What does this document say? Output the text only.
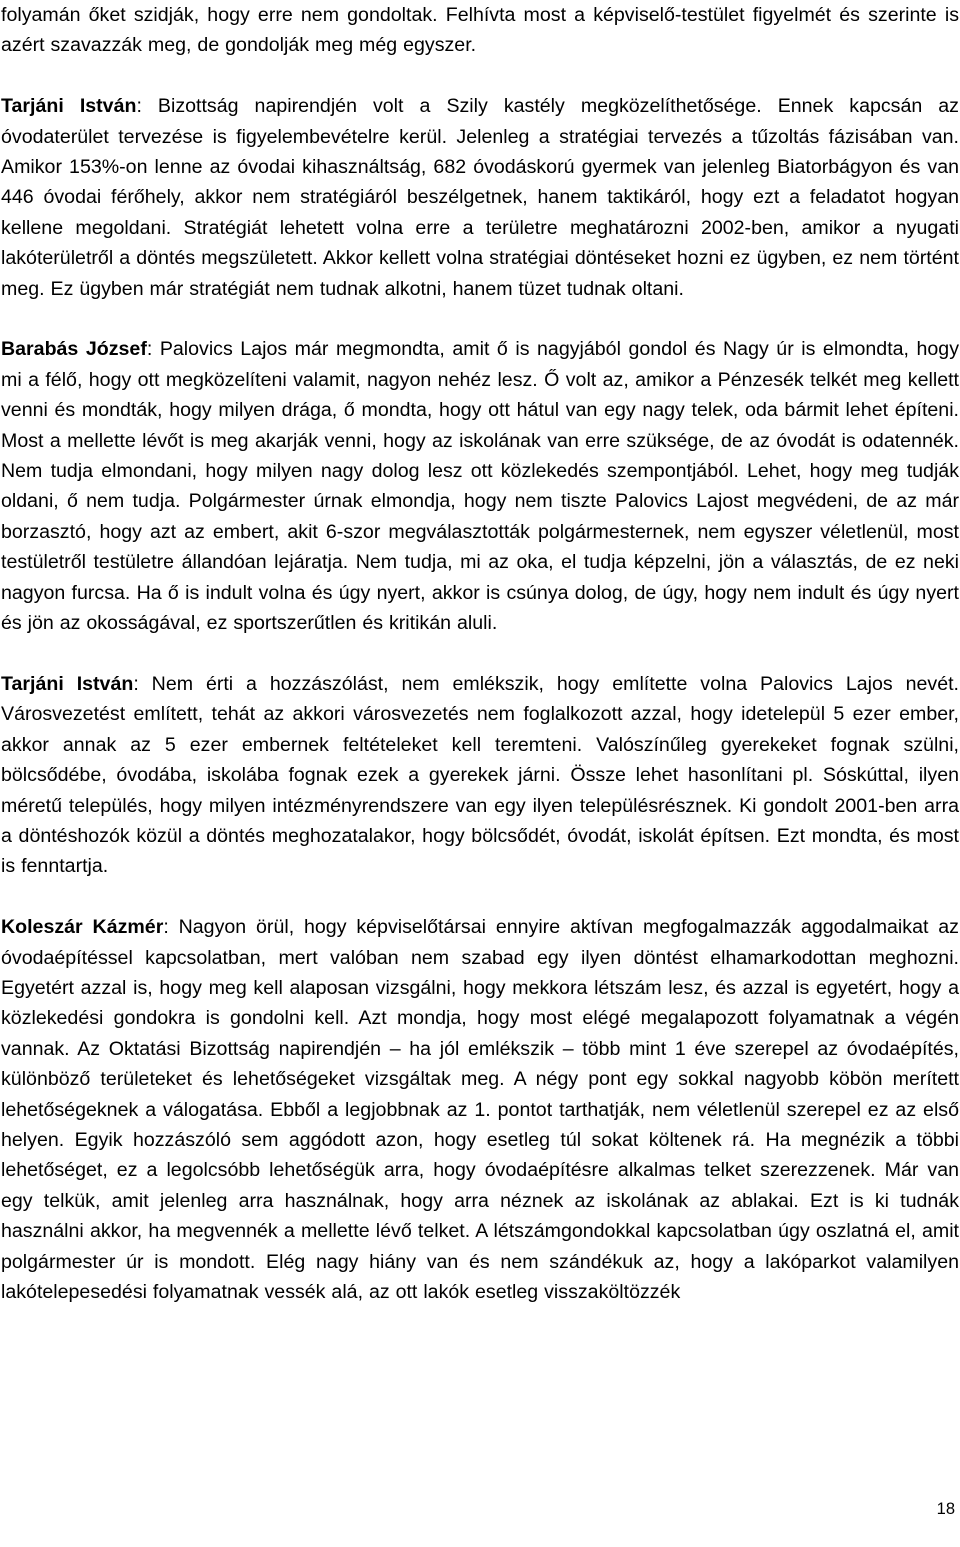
folyamán őket szidják, hogy erre nem gondoltak. Felhívta most a képviselő-testület figyelmét és szerinte is azért szavazzák meg, de gondolják meg még egyszer.

Tarjáni István: Bizottság napirendjén volt a Szily kastély megközelíthetősége. Ennek kapcsán az óvodaterület tervezése is figyelembevételre kerül. Jelenleg a stratégiai tervezés a tűzoltás fázisában van. Amikor 153%-on lenne az óvodai kihasználtság, 682 óvodáskorú gyermek van jelenleg Biatorbágyon és van 446 óvodai férőhely, akkor nem stratégiáról beszélgetnek, hanem taktikáról, hogy ezt a feladatot hogyan kellene megoldani. Stratégiát lehetett volna erre a területre meghatározni 2002-ben, amikor a nyugati lakóterületről a döntés megszületett. Akkor kellett volna stratégiai döntéseket hozni ez ügyben, ez nem történt meg. Ez ügyben már stratégiát nem tudnak alkotni, hanem tüzet tudnak oltani.

Barabás József: Palovics Lajos már megmondta, amit ő is nagyjából gondol és Nagy úr is elmondta, hogy mi a félő, hogy ott megközelíteni valamit, nagyon nehéz lesz. Ő volt az, amikor a Pénzesék telkét meg kellett venni és mondták, hogy milyen drága, ő mondta, hogy ott hátul van egy nagy telek, oda bármit lehet építeni. Most a mellette lévőt is meg akarják venni, hogy az iskolának van erre szüksége, de az óvodát is odatennék. Nem tudja elmondani, hogy milyen nagy dolog lesz ott közlekedés szempontjából. Lehet, hogy meg tudják oldani, ő nem tudja. Polgármester úrnak elmondja, hogy nem tiszte Palovics Lajost megvédeni, de az már borzasztó, hogy azt az embert, akit 6-szor megválasztották polgármesternek, nem egyszer véletlenül, most testületről testületre állandóan lejáratja. Nem tudja, mi az oka, el tudja képzelni, jön a választás, de ez neki nagyon furcsa. Ha ő is indult volna és úgy nyert, akkor is csúnya dolog, de úgy, hogy nem indult és úgy nyert és jön az okosságával, ez sportszerűtlen és kritikán aluli.

Tarjáni István: Nem érti a hozzászólást, nem emlékszik, hogy említette volna Palovics Lajos nevét. Városvezetést említett, tehát az akkori városvezetés nem foglalkozott azzal, hogy idetelepül 5 ezer ember, akkor annak az 5 ezer embernek feltételeket kell teremteni. Valószínűleg gyerekeket fognak szülni, bölcsődébe, óvodába, iskolába fognak ezek a gyerekek járni. Össze lehet hasonlítani pl. Sóskúttal, ilyen méretű település, hogy milyen intézményrendszere van egy ilyen településrésznek. Ki gondolt 2001-ben arra a döntéshozók közül a döntés meghozatalakor, hogy bölcsődét, óvodát, iskolát építsen. Ezt mondta, és most is fenntartja.

Koleszár Kázmér: Nagyon örül, hogy képviselőtársai ennyire aktívan megfogalmazzák aggodalmaikat az óvodaépítéssel kapcsolatban, mert valóban nem szabad egy ilyen döntést elhamarkodottan meghozni. Egyetért azzal is, hogy meg kell alaposan vizsgálni, hogy mekkora létszám lesz, és azzal is egyetért, hogy a közlekedési gondokra is gondolni kell. Azt mondja, hogy most elégé megalapozott folyamatnak a végén vannak. Az Oktatási Bizottság napirendjén – ha jól emlékszik – több mint 1 éve szerepel az óvodaépítés, különböző területeket és lehetőségeket vizsgáltak meg. A négy pont egy sokkal nagyobb köbön merített lehetőségeknek a válogatása. Ebből a legjobbnak az 1. pontot tarthatják, nem véletlenül szerepel ez az első helyen. Egyik hozzászóló sem aggódott azon, hogy esetleg túl sokat költenek rá. Ha megnézik a többi lehetőséget, ez a legolcsóbb lehetőségük arra, hogy óvodaépítésre alkalmas telket szerezzenek. Már van egy telkük, amit jelenleg arra használnak, hogy arra néznek az iskolának az ablakai. Ezt is ki tudnák használni akkor, ha megvennék a mellette lévő telket. A létszámgondokkal kapcsolatban úgy oszlatná el, amit polgármester úr is mondott. Elég nagy hiány van és nem szándékuk az, hogy a lakóparkot valamilyen lakótelepesedési folyamatnak vessék alá, az ott lakók esetleg visszaköltözzék

18
